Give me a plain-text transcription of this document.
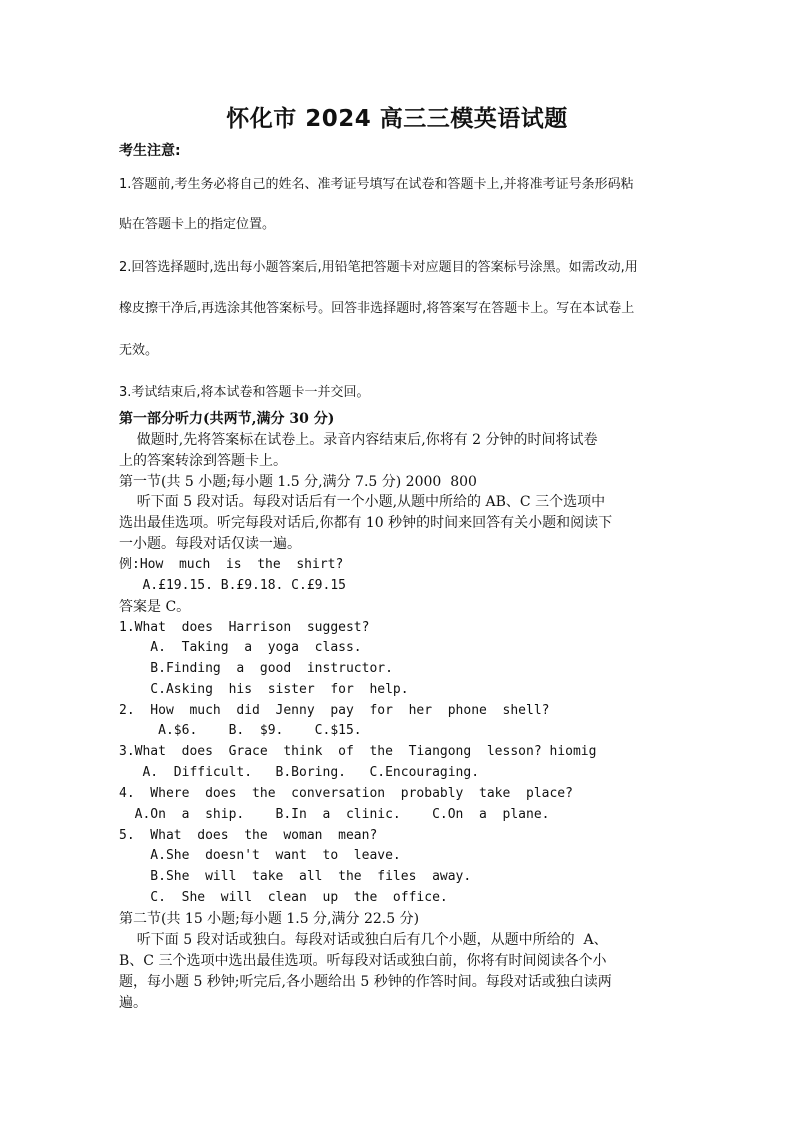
怀化市 2024 高三三模英语试题
考生注意:
1.答题前,考生务必将自己的姓名、准考证号填写在试卷和答题卡上,并将准考证号条形码粘
贴在答题卡上的指定位置。
2.回答选择题时,选出每小题答案后,用铅笔把答题卡对应题目的答案标号涂黑。如需改动,用
橡皮擦干净后,再选涂其他答案标号。回答非选择题时,将答案写在答题卡上。写在本试卷上
无效。
3.考试结束后,将本试卷和答题卡一并交回。
第一部分听力(共两节,满分 30 分)
做题时,先将答案标在试卷上。录音内容结束后,你将有 2 分钟的时间将试卷
上的答案转涂到答题卡上。
第一节(共 5 小题;每小题 1.5 分,满分 7.5 分) 2000  800
听下面 5 段对话。每段对话后有一个小题,从题中所给的 AB、C 三个选项中
选出最佳选项。听完每段对话后,你都有 10 秒钟的时间来回答有关小题和阅读下
一小题。每段对话仅读一遍。
例:How  much  is  the  shirt?
A.£19.15. B.£9.18. C.£9.15
答案是 C。
1.What  does  Harrison  suggest?
A.  Taking  a  yoga  class.
B.Finding  a  good  instructor.
C.Asking  his  sister  for  help.
2.  How  much  did  Jenny  pay  for  her  phone  shell?
A.$6.    B.  $9.    C.$15.
3.What  does  Grace  think  of  the  Tiangong  lesson? hiomig
A.  Difficult.   B.Boring.   C.Encouraging.
4.  Where  does  the  conversation  probably  take  place?
A.On  a  ship.    B.In  a  clinic.    C.On  a  plane.
5.  What  does  the  woman  mean?
A.She  doesn't  want  to  leave.
B.She  will  take  all  the  files  away.
C.  She  will  clean  up  the  office.
第二节(共 15 小题;每小题 1.5 分,满分 22.5 分)
听下面 5 段对话或独白。每段对话或独白后有几个小题，从题中所给的  A、
B、C 三个选项中选出最佳选项。听每段对话或独白前，你将有时间阅读各个小
题，每小题 5 秒钟;听完后,各小题给出 5 秒钟的作答时间。每段对话或独白读两
遍。
